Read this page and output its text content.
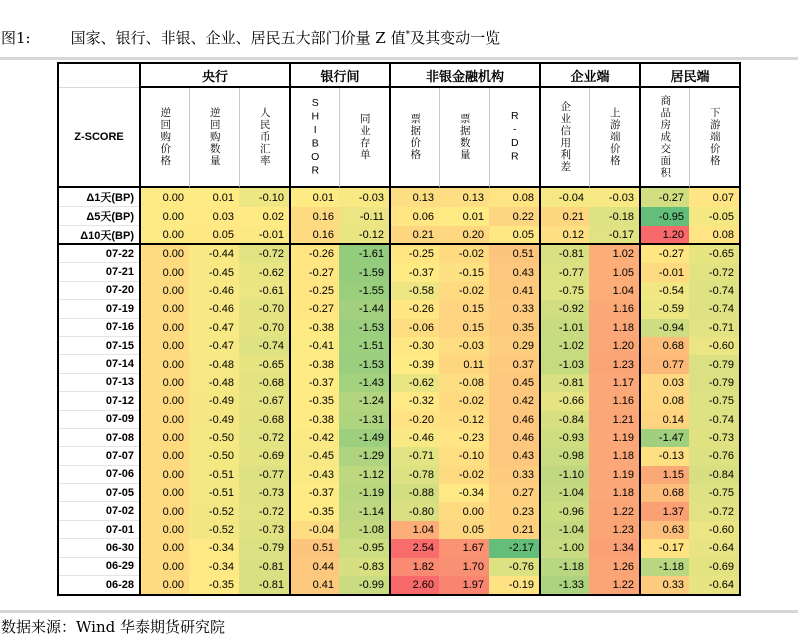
图1:	国家、银行、非银、企业、居民五大部门价量 Z 值*及其变动一览
央行	银行间	非银金融机构	企业端	居民端
Z-SCORE	逆回购价格	逆回购数量	人民币汇率	SHIBOR	同业存单	票据价格	票据数量	R-DR	企业信用利差	上游端价格	商品房成交面积	下游端价格
Δ1天(BP)	0.00	0.01	-0.10	0.01	-0.03	0.13	0.13	0.08	-0.04	-0.03	-0.27	0.07
Δ5天(BP)	0.00	0.03	0.02	0.16	-0.11	0.06	0.01	0.22	0.21	-0.18	-0.95	-0.05
Δ10天(BP)	0.00	0.05	-0.01	0.16	-0.12	0.21	0.20	0.05	0.12	-0.17	1.20	0.08
07-22	0.00	-0.44	-0.72	-0.26	-1.61	-0.25	-0.02	0.51	-0.81	1.02	-0.27	-0.65
07-21	0.00	-0.45	-0.62	-0.27	-1.59	-0.37	-0.15	0.43	-0.77	1.05	-0.01	-0.72
07-20	0.00	-0.46	-0.61	-0.25	-1.55	-0.58	-0.02	0.41	-0.75	1.04	-0.54	-0.74
07-19	0.00	-0.46	-0.70	-0.27	-1.44	-0.26	0.15	0.33	-0.92	1.16	-0.59	-0.74
07-16	0.00	-0.47	-0.70	-0.38	-1.53	-0.06	0.15	0.35	-1.01	1.18	-0.94	-0.71
07-15	0.00	-0.47	-0.74	-0.41	-1.51	-0.30	-0.03	0.29	-1.02	1.20	0.68	-0.60
07-14	0.00	-0.48	-0.65	-0.38	-1.53	-0.39	0.11	0.37	-1.03	1.23	0.77	-0.79
07-13	0.00	-0.48	-0.68	-0.37	-1.43	-0.62	-0.08	0.45	-0.81	1.17	0.03	-0.79
07-12	0.00	-0.49	-0.67	-0.35	-1.24	-0.32	-0.02	0.42	-0.66	1.16	0.08	-0.75
07-09	0.00	-0.49	-0.68	-0.38	-1.31	-0.20	-0.12	0.46	-0.84	1.21	0.14	-0.74
07-08	0.00	-0.50	-0.72	-0.42	-1.49	-0.46	-0.23	0.46	-0.93	1.19	-1.47	-0.73
07-07	0.00	-0.50	-0.69	-0.45	-1.29	-0.71	-0.10	0.43	-0.98	1.18	-0.13	-0.76
07-06	0.00	-0.51	-0.77	-0.43	-1.12	-0.78	-0.02	0.33	-1.10	1.19	1.15	-0.84
07-05	0.00	-0.51	-0.73	-0.37	-1.19	-0.88	-0.34	0.27	-1.04	1.18	0.68	-0.75
07-02	0.00	-0.52	-0.72	-0.35	-1.14	-0.80	0.00	0.23	-0.96	1.22	1.37	-0.72
07-01	0.00	-0.52	-0.73	-0.04	-1.08	1.04	0.05	0.21	-1.04	1.23	0.63	-0.60
06-30	0.00	-0.34	-0.79	0.51	-0.95	2.54	1.67	-2.17	-1.00	1.34	-0.17	-0.64
06-29	0.00	-0.34	-0.81	0.44	-0.83	1.82	1.70	-0.76	-1.18	1.26	-1.18	-0.69
06-28	0.00	-0.35	-0.81	0.41	-0.99	2.60	1.97	-0.19	-1.33	1.22	0.33	-0.64
数据来源：Wind 华泰期货研究院
